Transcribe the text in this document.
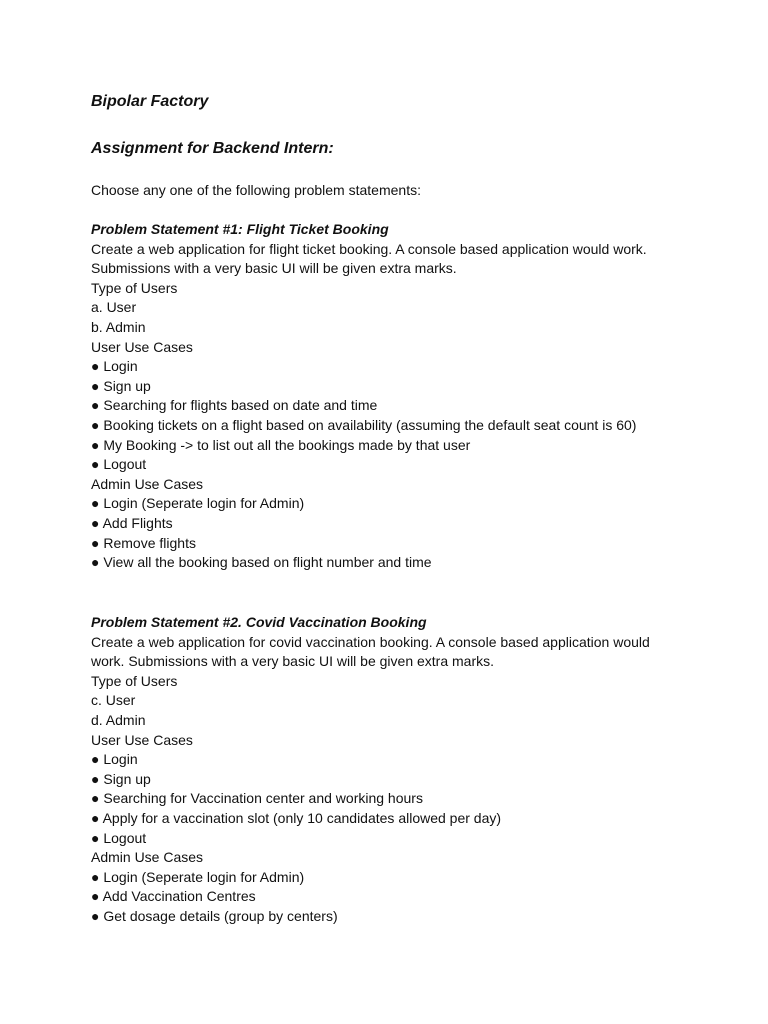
Bipolar Factory
Assignment for Backend Intern:

Choose any one of the following problem statements:

Problem Statement #1: Flight Ticket Booking
Create a web application for flight ticket booking. A console based application would work.
Submissions with a very basic UI will be given extra marks.
Type of Users
a. User
b. Admin
User Use Cases
● Login
● Sign up
● Searching for flights based on date and time
● Booking tickets on a flight based on availability (assuming the default seat count is 60)
● My Booking -> to list out all the bookings made by that user
● Logout
Admin Use Cases
● Login (Seperate login for Admin)
● Add Flights
● Remove flights
● View all the booking based on flight number and time
Problem Statement #2. Covid Vaccination Booking
Create a web application for covid vaccination booking. A console based application would
work. Submissions with a very basic UI will be given extra marks.
Type of Users
c. User
d. Admin
User Use Cases
● Login
● Sign up
● Searching for Vaccination center and working hours
● Apply for a vaccination slot (only 10 candidates allowed per day)
● Logout
Admin Use Cases
● Login (Seperate login for Admin)
● Add Vaccination Centres
● Get dosage details (group by centers)
